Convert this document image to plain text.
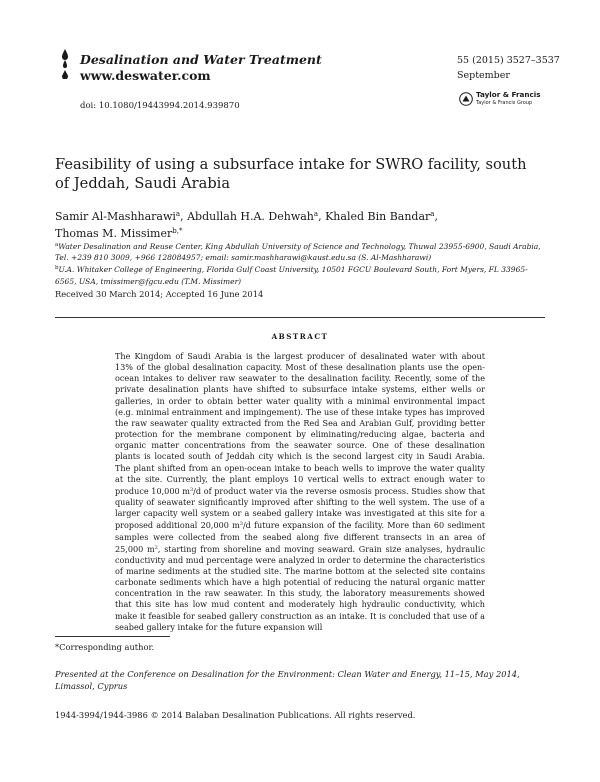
Desalination and Water Treatment
www.deswater.com
doi: 10.1080/19443994.2014.939870
55 (2015) 3527–3537
September
Taylor & Francis
Taylor & Francis Group
Feasibility of using a subsurface intake for SWRO facility, south of Jeddah, Saudi Arabia
Samir Al-Mashharawi$^a$, Abdullah H.A. Dehwah$^a$, Khaled Bin Bandar$^a$,
Thomas M. Missimer$^{b,*}$
$^a$Water Desalination and Reuse Center, King Abdullah University of Science and Technology, Thuwal 23955-6900, Saudi Arabia, Tel. +239 810 3009, +966 128084957; email: samir.mashharawi@kaust.edu.sa (S. Al-Mashharawi)
$^b$U.A. Whitaker College of Engineering, Florida Gulf Coast University, 10501 FGCU Boulevard South, Fort Myers, FL 33965-6565, USA, tmissimer@fgcu.edu (T.M. Missimer)
Received 30 March 2014; Accepted 16 June 2014
ABSTRACT

The Kingdom of Saudi Arabia is the largest producer of desalinated water with about 13% of the global desalination capacity. Most of these desalination plants use the open-ocean intakes to deliver raw seawater to the desalination facility. Recently, some of the private desalination plants have shifted to subsurface intake systems, either wells or galleries, in order to obtain better water quality with a minimal environmental impact (e.g. minimal entrainment and impingement). The use of these intake types has improved the raw seawater quality extracted from the Red Sea and Arabian Gulf, providing better protection for the membrane component by eliminating/reducing algae, bacteria and organic matter concentrations from the seawater source. One of these desalination plants is located south of Jeddah city which is the second largest city in Saudi Arabia. The plant shifted from an open-ocean intake to beach wells to improve the water quality at the site. Currently, the plant employs 10 vertical wells to extract enough water to produce 10,000 $m^3/d$ of product water via the reverse osmosis process. Studies show that quality of seawater significantly improved after shifting to the well system. The use of a larger capacity well system or a seabed gallery intake was investigated at this site for a proposed additional 20,000 $m^3/d$ future expansion of the facility. More than 60 sediment samples were collected from the seabed along five different transects in an area of 25,000 $m^2$, starting from shoreline and moving seaward. Grain size analyses, hydraulic conductivity and mud percentage were analyzed in order to determine the characteristics of marine sediments at the studied site. The marine bottom at the selected site contains carbonate sediments which have a high potential of reducing the natural organic matter concentration in the raw seawater. In this study, the laboratory measurements showed that this site has low mud content and moderately high hydraulic conductivity, which make it feasible for seabed gallery construction as an intake. It is concluded that use of a seabed gallery intake for the future expansion will

*Corresponding author.
Presented at the Conference on Desalination for the Environment: Clean Water and Energy, 11–15, May 2014, Limassol, Cyprus
1944-3994/1944-3986 © 2014 Balaban Desalination Publications. All rights reserved.
